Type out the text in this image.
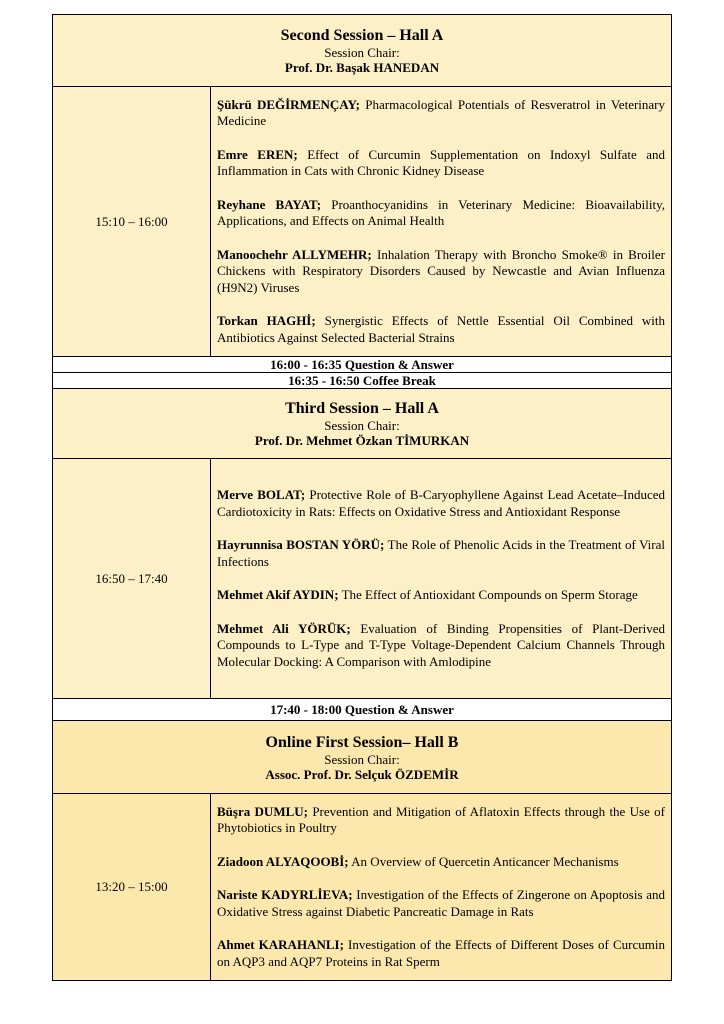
Second Session – Hall A
Session Chair:
Prof. Dr. Başak HANEDAN	

15:10 – 16:00	Şükrü DEĞİRMENÇAY; Pharmacological Potentials of Resveratrol in Veterinary Medicine
Emre EREN; Effect of Curcumin Supplementation on Indoxyl Sulfate and Inflammation in Cats with Chronic Kidney Disease
Reyhane BAYAT; Proanthocyanidins in Veterinary Medicine: Bioavailability, Applications, and Effects on Animal Health
Manoochehr ALLYMEHR; Inhalation Therapy with Broncho Smoke® in Broiler Chickens with Respiratory Disorders Caused by Newcastle and Avian Influenza (H9N2) Viruses
Torkan HAGHİ; Synergistic Effects of Nettle Essential Oil Combined with Antibiotics Against Selected Bacterial Strains

16:00 - 16:35 Question & Answer	
16:35 - 16:50 Coffee Break	

Third Session – Hall A
Session Chair:
Prof. Dr. Mehmet Özkan TİMURKAN	

16:50 – 17:40	Merve BOLAT; Protective Role of Β-Caryophyllene Against Lead Acetate–Induced Cardiotoxicity in Rats: Effects on Oxidative Stress and Antioxidant Response
Hayrunnisa BOSTAN YÖRÜ; The Role of Phenolic Acids in the Treatment of Viral Infections
Mehmet Akif AYDIN; The Effect of Antioxidant Compounds on Sperm Storage
Mehmet Ali YÖRÜK; Evaluation of Binding Propensities of Plant-Derived Compounds to L-Type and T-Type Voltage-Dependent Calcium Channels Through Molecular Docking: A Comparison with Amlodipine

17:40 - 18:00 Question & Answer	

Online First Session– Hall B
Session Chair:
Assoc. Prof. Dr. Selçuk ÖZDEMİR	

13:20 – 15:00	Büşra DUMLU; Prevention and Mitigation of Aflatoxin Effects through the Use of Phytobiotics in Poultry
Ziadoon ALYAQOOBİ; An Overview of Quercetin Anticancer Mechanisms
Nariste KADYRLİEVA; Investigation of the Effects of Zingerone on Apoptosis and Oxidative Stress against Diabetic Pancreatic Damage in Rats
Ahmet KARAHANLI; Investigation of the Effects of Different Doses of Curcumin on AQP3 and AQP7 Proteins in Rat Sperm
